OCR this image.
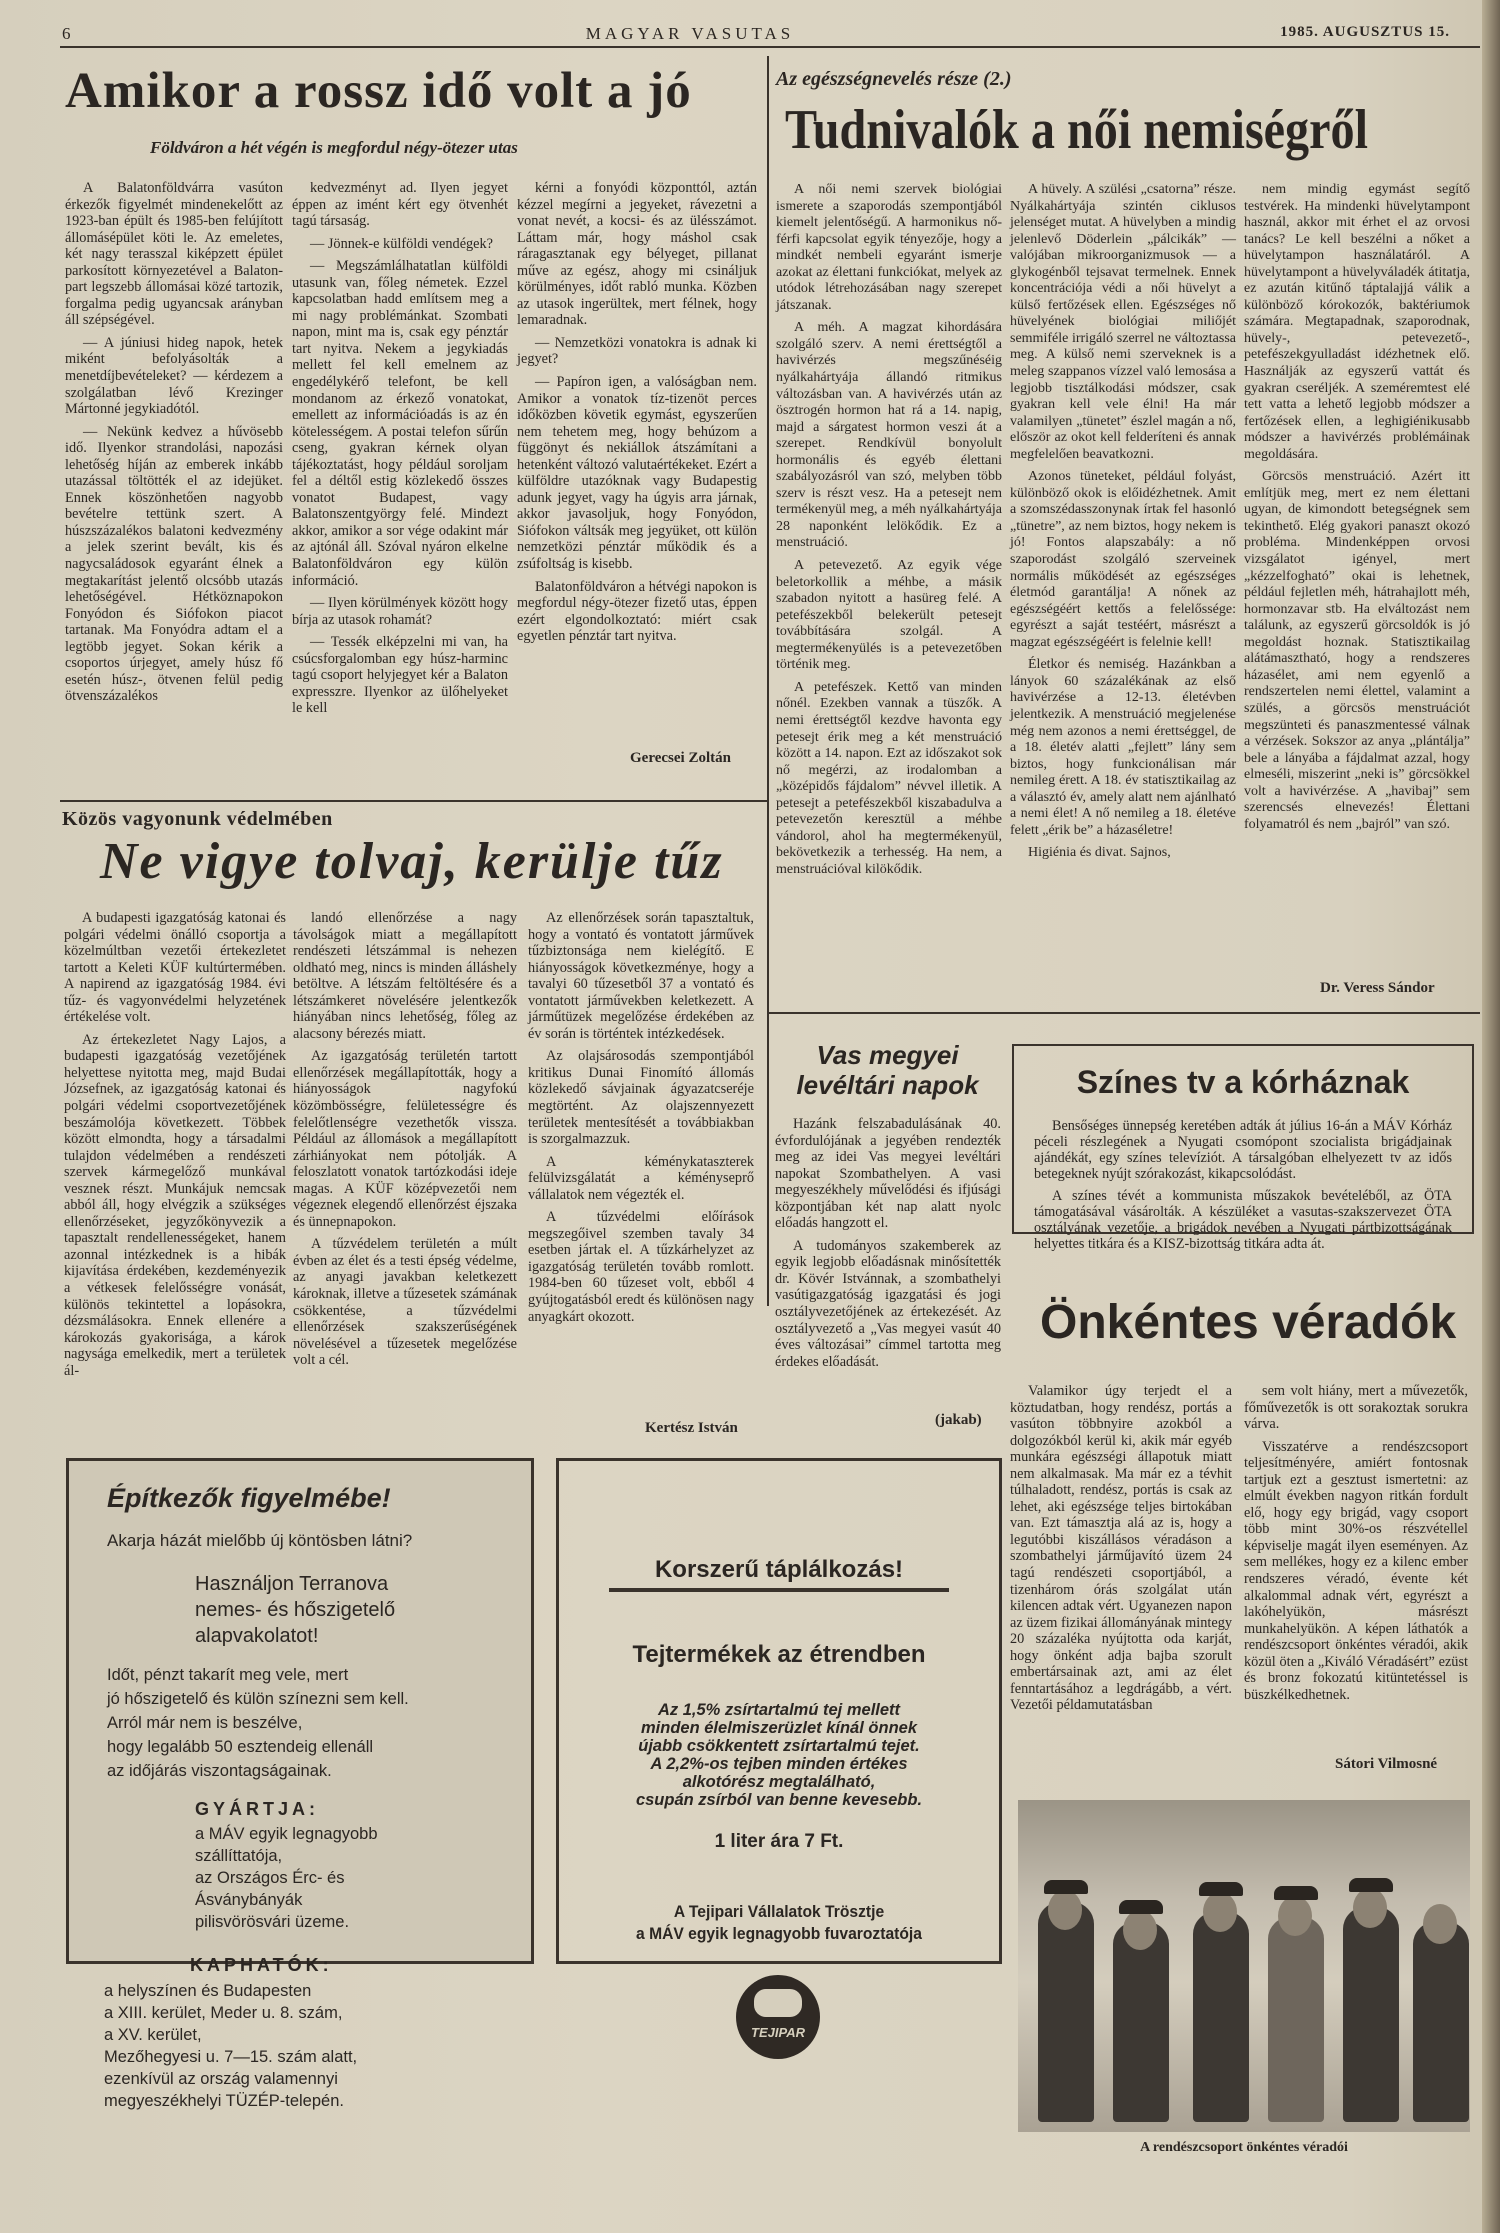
6	MAGYAR VASUTAS	1985. AUGUSZTUS 15.
Amikor a rossz idő volt a jó
Földváron a hét végén is megfordul négy-ötezer utas

A Balatonföldvárra vasúton érkezők figyelmét mindenekelőtt az 1923-ban épült és 1985-ben felújított állomásépület köti le. Az emeletes, két nagy terasszal kiképzett épület parkosított környezetével a Balaton-part legszebb állomásai közé tartozik, forgalma pedig ugyancsak arányban áll szépségével.

— A júniusi hideg napok, hetek miként befolyásolták a menetdíjbevételeket? — kérdezem a szolgálatban lévő Krezinger Mártonné jegykiadótól.

— Nekünk kedvez a hűvösebb idő. Ilyenkor strandolási, napozási lehetőség híján az emberek inkább utazással töltötték el az idejüket. Ennek köszönhetően nagyobb bevételre tettünk szert. A húszszázalékos balatoni kedvezmény a jelek szerint bevált, kis és nagycsaládosok egyaránt élnek a megtakarítást jelentő olcsóbb utazás lehetőségével. Hétköznapokon Fonyódon és Siófokon piacot tartanak. Ma Fonyódra adtam el a legtöbb jegyet. Sokan kérik a csoportos úrjegyet, amely húsz fő esetén húsz-, ötvenen felül pedig ötvenszázalékos

kedvezményt ad. Ilyen jegyet éppen az imént kért egy ötvenhét tagú társaság.

— Jönnek-e külföldi vendégek?

— Megszámlálhatatlan külföldi utasunk van, főleg németek. Ezzel kapcsolatban hadd említsem meg a mi nagy problémánkat. Szombati napon, mint ma is, csak egy pénztár tart nyitva. Nekem a jegykiadás mellett fel kell emelnem az engedélykérő telefont, be kell mondanom az érkező vonatokat, emellett az információadás is az én kötelességem. A postai telefon sűrűn cseng, gyakran kérnek olyan tájékoztatást, hogy például soroljam fel a déltől estig közlekedő összes vonatot Budapest, vagy Balatonszentgyörgy felé. Mindezt akkor, amikor a sor vége odakint már az ajtónál áll. Szóval nyáron elkelne Balatonföldváron egy külön információ.

— Ilyen körülmények között hogy bírja az utasok rohamát?

— Tessék elképzelni mi van, ha csúcsforgalomban egy húsz-harminc tagú csoport helyjegyet kér a Balaton expresszre. Ilyenkor az ülőhelyeket le kell

kérni a fonyódi központtól, aztán kézzel megírni a jegyeket, rávezetni a vonat nevét, a kocsi- és az ülésszámot. Láttam már, hogy máshol csak ráragasztanak egy bélyeget, pillanat műve az egész, ahogy mi csináljuk körülményes, időt rabló munka. Közben az utasok ingerültek, mert félnek, hogy lemaradnak.

— Nemzetközi vonatokra is adnak ki jegyet?

— Papíron igen, a valóságban nem. Amikor a vonatok tíz-tizenöt perces időközben követik egymást, egyszerűen nem tehetem meg, hogy behúzom a függönyt és nekiállok átszámítani a hetenként változó valutaértékeket. Ezért a külföldre utazóknak vagy Budapestig adunk jegyet, vagy ha úgyis arra járnak, akkor javasoljuk, hogy Fonyódon, Siófokon váltsák meg jegyüket, ott külön nemzetközi pénztár működik és a zsúfoltság is kisebb.

Balatonföldváron a hétvégi napokon is megfordul négy-ötezer fizető utas, éppen ezért elgondolkoztató: miért csak egyetlen pénztár tart nyitva.

Gerecsei Zoltán
Az egészségnevelés része (2.)
Tudnivalók a női nemiségről

A női nemi szervek biológiai ismerete a szaporodás szempontjából kiemelt jelentőségű. A harmonikus nő-férfi kapcsolat egyik tényezője, hogy a mindkét nembeli egyaránt ismerje azokat az élettani funkciókat, melyek az utódok létrehozásában nagy szerepet játszanak.

A méh. A magzat kihordására szolgáló szerv. A nemi érettségtől a havivérzés megszűnéséig nyálkahártyája állandó ritmikus változásban van. A havivérzés után az ösztrogén hormon hat rá a 14. napig, majd a sárgatest hormon veszi át a szerepet. Rendkívül bonyolult hormonális és egyéb élettani szabályozásról van szó, melyben több szerv is részt vesz. Ha a petesejt nem termékenyül meg, a méh nyálkahártyája 28 naponként lelökődik. Ez a menstruáció.

A petevezető. Az egyik vége beletorkollik a méhbe, a másik szabadon nyitott a hasüreg felé. A petefészekből belekerült petesejt továbbítására szolgál. A megtermékenyülés is a petevezetőben történik meg.

A petefészek. Kettő van minden nőnél. Ezekben vannak a tüszők. A nemi érettségtől kezdve havonta egy petesejt érik meg a két menstruáció között a 14. napon. Ezt az időszakot sok nő megérzi, az irodalomban a „középidős fájdalom” névvel illetik. A petesejt a petefészekből kiszabadulva a petevezetőn keresztül a méhbe vándorol, ahol ha megtermékenyül, bekövetkezik a terhesség. Ha nem, a menstruációval kilökődik.

A hüvely. A szülési „csatorna” része. Nyálkahártyája szintén ciklusos jelenséget mutat. A hüvelyben a mindig jelenlevő Döderlein „pálcikák” — valójában mikroorganizmusok — a glykogénből tejsavat termelnek. Ennek koncentrációja védi a női hüvelyt a külső fertőzések ellen. Egészséges nő hüvelyének biológiai miliőjét semmiféle irrigáló szerrel ne változtassa meg. A külső nemi szerveknek is a meleg szappanos vízzel való lemosása a legjobb tisztálkodási módszer, csak gyakran kell vele élni! Ha már valamilyen „tünetet” észlel magán a nő, először az okot kell felderíteni és annak megfelelően beavatkozni.

Azonos tüneteket, például folyást, különböző okok is előidézhetnek. Amit a szomszédasszonynak írtak fel hasonló „tünetre”, az nem biztos, hogy nekem is jó! Fontos alapszabály: a nő szaporodást szolgáló szerveinek normális működését az egészséges életmód garantálja! A nőnek az egészségéért kettős a felelőssége: egyrészt a saját testéért, másrészt a magzat egészségéért is felelnie kell!

Életkor és nemiség. Hazánkban a lányok 60 százalékának az első havivérzése a 12-13. életévben jelentkezik. A menstruáció megjelenése még nem azonos a nemi érettséggel, de a 18. életév alatti „fejlett” lány sem biztos, hogy funkcionálisan már nemileg érett. A 18. év statisztikailag az a választó év, amely alatt nem ajánlható a nemi élet! A nő nemileg a 18. életéve felett „érik be” a házaséletre!

Higiénia és divat. Sajnos,

nem mindig egymást segítő testvérek. Ha mindenki hüvelytampont használ, akkor mit érhet el az orvosi tanács? Le kell beszélni a nőket a hüvelytampon használatáról. A hüvelytampont a hüvelyváladék átitatja, ez azután kitűnő táptalajjá válik a különböző kórokozók, baktériumok számára. Megtapadnak, szaporodnak, hüvely-, petevezető-, petefészekgyulladást idézhetnek elő. Használják az egyszerű vattát és gyakran cseréljék. A szeméremtest elé tett vatta a lehető legjobb módszer a fertőzések ellen, a leghigiénikusabb módszer a havivérzés problémáinak megoldására.

Görcsös menstruáció. Azért itt említjük meg, mert ez nem élettani ugyan, de kimondott betegségnek sem tekinthető. Elég gyakori panaszt okozó probléma. Mindenképpen orvosi vizsgálatot igényel, mert „kézzelfogható” okai is lehetnek, például fejletlen méh, hátrahajlott méh, hormonzavar stb. Ha elváltozást nem találunk, az egyszerű görcsoldók is jó megoldást hoznak. Statisztikailag alátámasztható, hogy a rendszeres házasélet, ami nem egyenlő a rendszertelen nemi élettel, valamint a szülés, a görcsös menstruációt megszünteti és panaszmentessé válnak a vérzések. Sokszor az anya „plántálja” bele a lányába a fájdalmat azzal, hogy elmeséli, miszerint „neki is” görcsökkel volt a havivérzése. A „havibaj” sem szerencsés elnevezés! Élettani folyamatról és nem „bajról” van szó.

Dr. Veress Sándor
Közös vagyonunk védelmében
Ne vigye tolvaj, kerülje tűz

A budapesti igazgatóság katonai és polgári védelmi önálló csoportja a közelmúltban vezetői értekezletet tartott a Keleti KÜF kultúrtermében. A napirend az igazgatóság 1984. évi tűz- és vagyonvédelmi helyzetének értékelése volt.

Az értekezletet Nagy Lajos, a budapesti igazgatóság vezetőjének helyettese nyitotta meg, majd Budai Józsefnek, az igazgatóság katonai és polgári védelmi csoportvezetőjének beszámolója következett. Többek között elmondta, hogy a társadalmi tulajdon védelmében a rendészeti szervek kármegelőző munkával vesznek részt. Munkájuk nemcsak abból áll, hogy elvégzik a szükséges ellenőrzéseket, jegyzőkönyvezik a tapasztalt rendellenességeket, hanem azonnal intézkednek is a hibák kijavítása érdekében, kezdeményezik a vétkesek felelősségre vonását, különös tekintettel a lopásokra, dézsmálásokra. Ennek ellenére a károkozás gyakorisága, a károk nagysága emelkedik, mert a területek ál-

landó ellenőrzése a nagy távolságok miatt a megállapított rendészeti létszámmal is nehezen oldható meg, nincs is minden álláshely betöltve. A létszám feltöltésére és a létszámkeret növelésére jelentkezők hiányában nincs lehetőség, főleg az alacsony bérezés miatt.

Az igazgatóság területén tartott ellenőrzések megállapították, hogy a hiányosságok nagyfokú közömbösségre, felületességre és felelőtlenségre vezethetők vissza. Például az állomások a megállapított zárhiányokat nem pótolják. A feloszlatott vonatok tartózkodási ideje magas. A KÜF középvezetői nem végeznek elegendő ellenőrzést éjszaka és ünnepnapokon.

A tűzvédelem területén a múlt évben az élet és a testi épség védelme, az anyagi javakban keletkezett károknak, illetve a tűzesetek számának csökkentése, a tűzvédelmi ellenőrzések szakszerűségének növelésével a tűzesetek megelőzése volt a cél.

Az ellenőrzések során tapasztaltuk, hogy a vontató és vontatott járművek tűzbiztonsága nem kielégítő. E hiányosságok következménye, hogy a tavalyi 60 tűzesetből 37 a vontató és vontatott járművekben keletkezett. A járműtüzek megelőzése érdekében az év során is történtek intézkedések.

Az olajsárosodás szempontjából kritikus Dunai Finomító állomás közlekedő sávjainak ágyazatcseréje megtörtént. Az olajszennyezett területek mentesítését a továbbiakban is szorgalmazzuk.

A kéménykataszterek felülvizsgálatát a kéményseprő vállalatok nem végezték el.

A tűzvédelmi előírások megszegőivel szemben tavaly 34 esetben jártak el. A tűzkárhelyzet az igazgatóság területén tovább romlott. 1984-ben 60 tűzeset volt, ebből 4 gyújtogatásból eredt és különösen nagy anyagkárt okozott.

Kertész István
Vas megyei levéltári napok

Hazánk felszabadulásának 40. évfordulójának a jegyében rendezték meg az idei Vas megyei levéltári napokat Szombathelyen. A vasi megyeszékhely művelődési és ifjúsági központjában két nap alatt nyolc előadás hangzott el.

A tudományos szakemberek az egyik legjobb előadásnak minősítették dr. Kövér Istvánnak, a szombathelyi vasútigazgatóság igazgatási és jogi osztályvezetőjének az értekezését. Az osztályvezető a „Vas megyei vasút 40 éves változásai” címmel tartotta meg érdekes előadását.

(jakab)
Színes tv a kórháznak

Bensőséges ünnepség keretében adták át július 16-án a MÁV Kórház péceli részlegének a Nyugati csomópont szocialista brigádjainak ajándékát, egy színes televíziót. A társalgóban elhelyezett tv az idős betegeknek nyújt szórakozást, kikapcsolódást.

A színes tévét a kommunista műszakok bevételéből, az ÖTA támogatásával vásárolták. A készüléket a vasutas-szakszervezet ÖTA osztályának vezetője, a brigádok nevében a Nyugati pártbizottságának helyettes titkára és a KISZ-bizottság titkára adta át.

Önkéntes véradók

Valamikor úgy terjedt el a köztudatban, hogy rendész, portás a vasúton többnyire azokból a dolgozókból kerül ki, akik már egyéb munkára egészségi állapotuk miatt nem alkalmasak. Ma már ez a tévhit túlhaladott, rendész, portás is csak az lehet, aki egészsége teljes birtokában van. Ezt támasztja alá az is, hogy a legutóbbi kiszállásos véradáson a szombathelyi járműjavító üzem 24 tagú rendészeti csoportjából, a tizenhárom órás szolgálat után kilencen adtak vért. Ugyanezen napon az üzem fizikai állományának mintegy 20 százaléka nyújtotta oda karját, hogy önként adja bajba szorult embertársainak azt, ami az élet fenntartásához a legdrágább, a vért. Vezetői példamutatásban

sem volt hiány, mert a művezetők, főművezetők is ott sorakoztak sorukra várva.

Visszatérve a rendészcsoport teljesítményére, amiért fontosnak tartjuk ezt a gesztust ismertetni: az elmúlt években nagyon ritkán fordult elő, hogy egy brigád, vagy csoport több mint 30%-os részvétellel képviselje magát ilyen eseményen. Az sem mellékes, hogy ez a kilenc ember rendszeres véradó, évente két alkalommal adnak vért, egyrészt a lakóhelyükön, másrészt munkahelyükön. A képen láthatók a rendészcsoport önkéntes véradói, akik közül öten a „Kiváló Véradásért” ezüst és bronz fokozatú kitüntetéssel is büszkélkedhetnek.

Sátori Vilmosné
A rendészcsoport önkéntes véradói
Építkezők figyelmébe!
Akarja házát mielőbb új köntösben látni?

Használjon Terranova

nemes- és hőszigetelő

alapvakolatot!

Időt, pénzt takarít meg vele, mert

jó hőszigetelő és külön színezni sem kell.

Arról már nem is beszélve,

hogy legalább 50 esztendeig ellenáll

az időjárás viszontagságainak.

GYÁRTJA:

a MÁV egyik legnagyobb

szállíttatója,

az Országos Érc- és

Ásványbányák

pilisvörösvári üzeme.

KAPHATÓK:

a helyszínen és Budapesten

a XIII. kerület, Meder u. 8. szám,

a XV. kerület,

Mezőhegyesi u. 7—15. szám alatt,

ezenkívül az ország valamennyi

megyeszékhelyi TÜZÉP-telepén.

Korszerű táplálkozás!
Tejtermékek az étrendben

Az 1,5% zsírtartalmú tej mellett

minden élelmiszerüzlet kínál önnek

újabb csökkentett zsírtartalmú tejet.

A 2,2%-os tejben minden értékes

alkotórész megtalálható,

csupán zsírból van benne kevesebb.

1 liter ára 7 Ft.

A Tejipari Vállalatok Trösztje

a MÁV egyik legnagyobb fuvaroztatója

TEJIPAR
